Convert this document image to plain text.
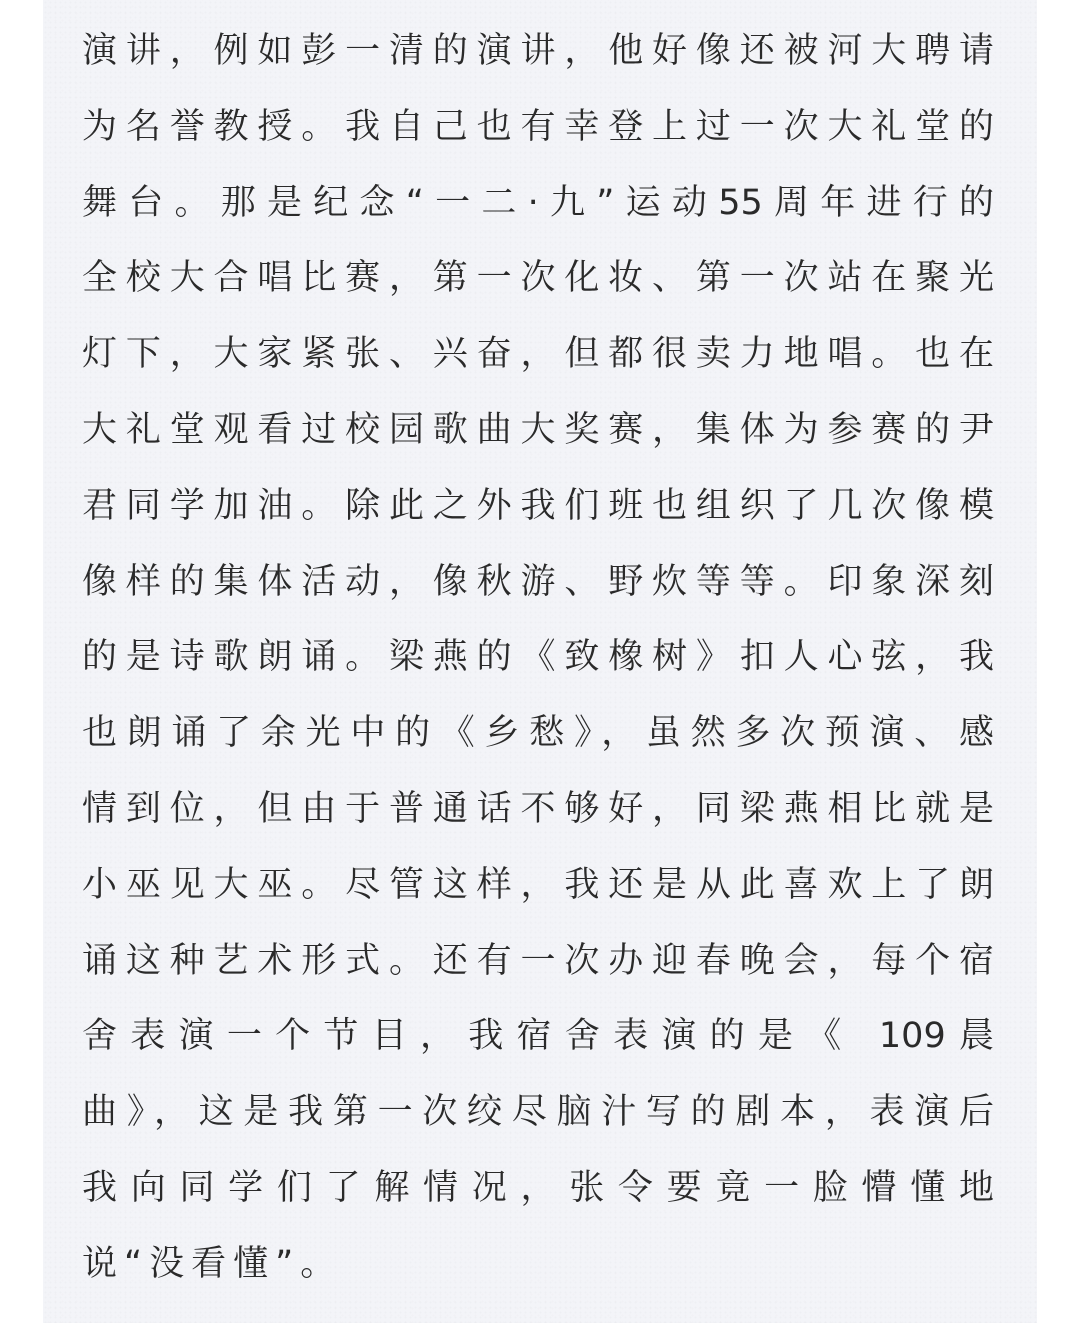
演讲，例如彭一清的演讲，他好像还被河大聘请
为名誉教授。我自己也有幸登上过一次大礼堂的
舞台。那是纪念“一二·九”运动55周年进行的
全校大合唱比赛，第一次化妆、第一次站在聚光
灯下，大家紧张、兴奋，但都很卖力地唱。也在
大礼堂观看过校园歌曲大奖赛，集体为参赛的尹
君同学加油。除此之外我们班也组织了几次像模
像样的集体活动，像秋游、野炊等等。印象深刻
的是诗歌朗诵。梁燕的《致橡树》扣人心弦，我
也朗诵了余光中的《乡愁》，虽然多次预演、感
情到位，但由于普通话不够好，同梁燕相比就是
小巫见大巫。尽管这样，我还是从此喜欢上了朗
诵这种艺术形式。还有一次办迎春晚会，每个宿
舍表演一个节目，我宿舍表演的是《 109晨
曲》，这是我第一次绞尽脑汁写的剧本，表演后
我向同学们了解情况，张令要竟一脸懵懂地
说“没看懂”。
